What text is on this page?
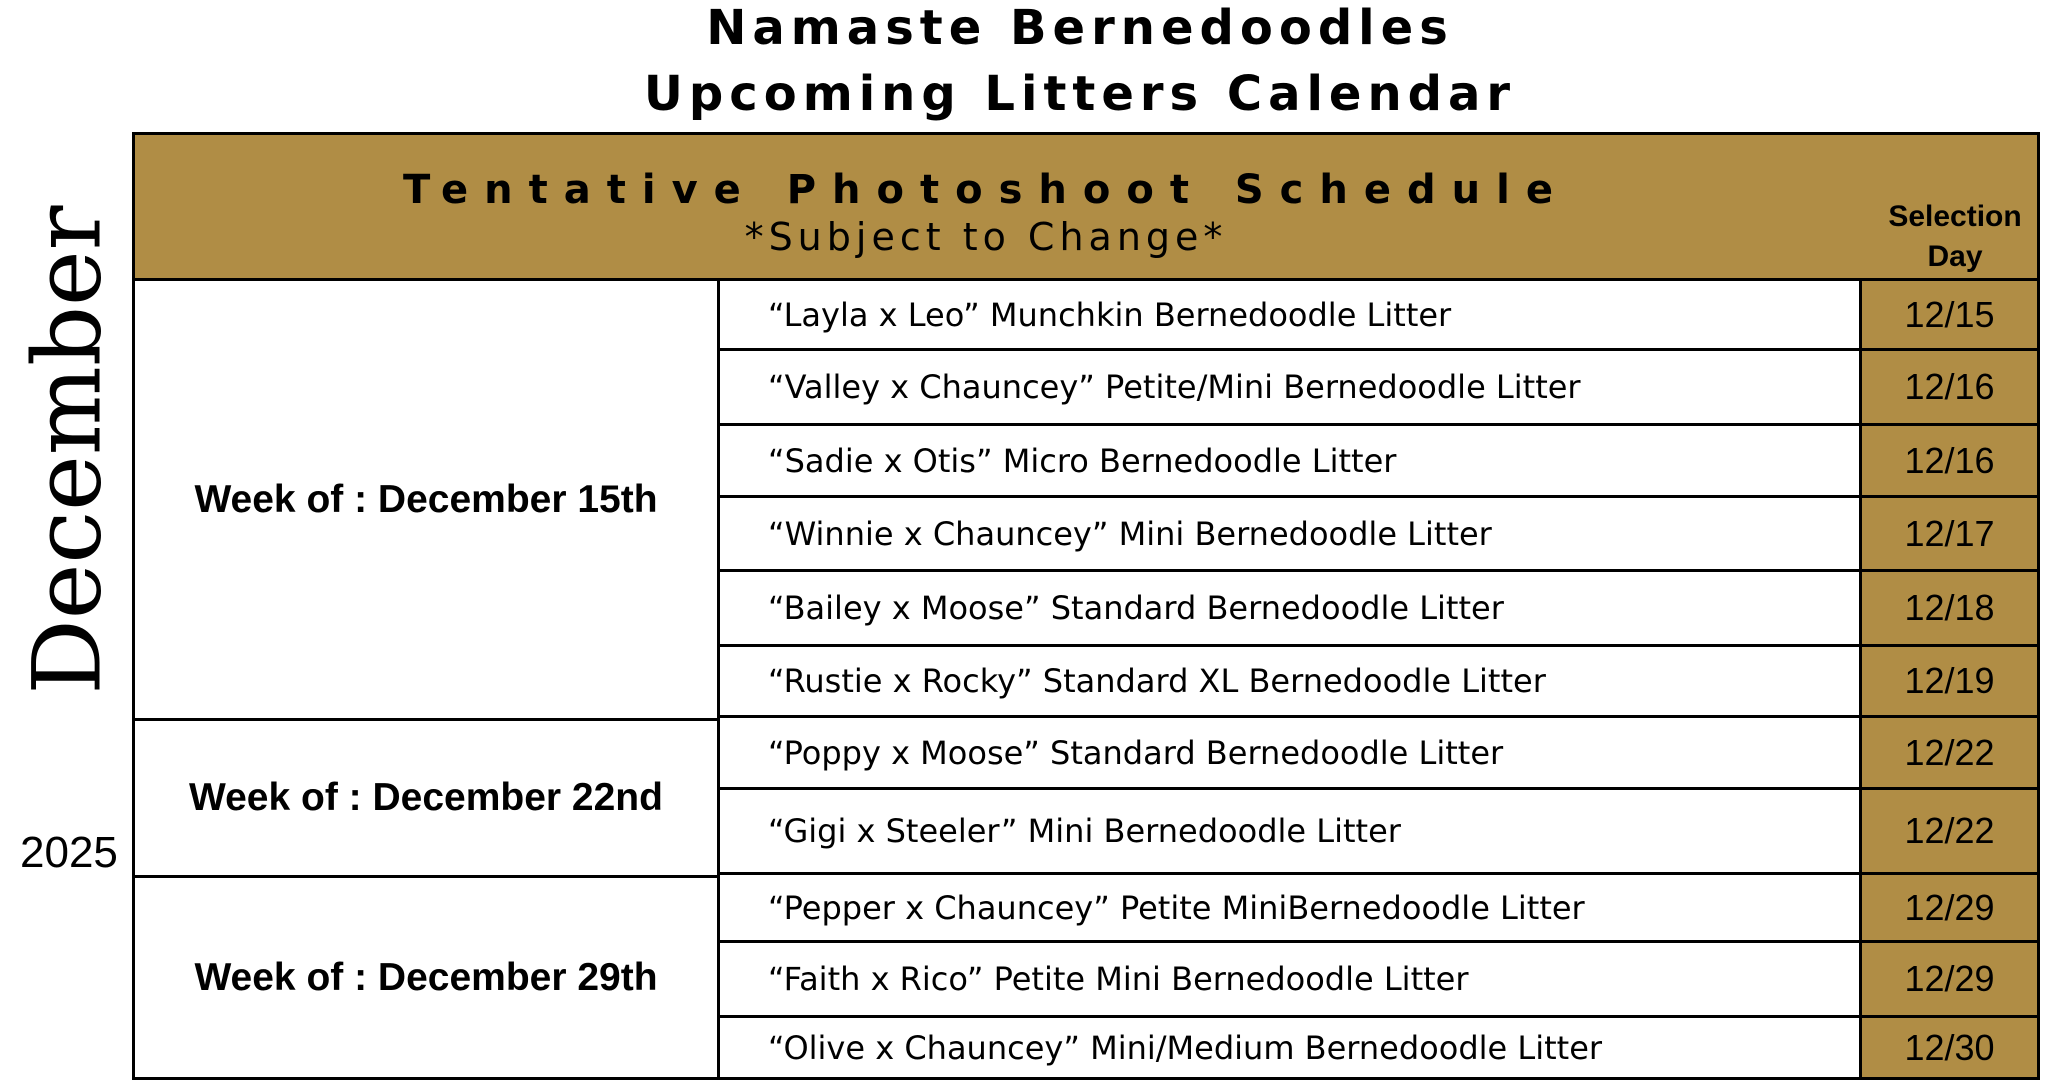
Namaste Bernedoodles
Upcoming Litters Calendar
December
2025
Tentative Photoshoot Schedule
*Subject to Change*	Selection Day
Week of : December 15th
Week of : December 22nd
Week of : December 29th
“Layla x Leo” Munchkin Bernedoodle Litter
“Valley x Chauncey” Petite/Mini Bernedoodle Litter
“Sadie x Otis” Micro Bernedoodle Litter
“Winnie x Chauncey” Mini Bernedoodle Litter
“Bailey x Moose” Standard Bernedoodle Litter
“Rustie x Rocky” Standard XL Bernedoodle Litter
“Poppy x Moose” Standard Bernedoodle Litter
“Gigi x Steeler” Mini Bernedoodle Litter
“Pepper x Chauncey” Petite MiniBernedoodle Litter
“Faith x Rico” Petite Mini Bernedoodle Litter
“Olive x Chauncey” Mini/Medium Bernedoodle Litter
12/15
12/16
12/16
12/17
12/18
12/19
12/22
12/22
12/29
12/29
12/30
